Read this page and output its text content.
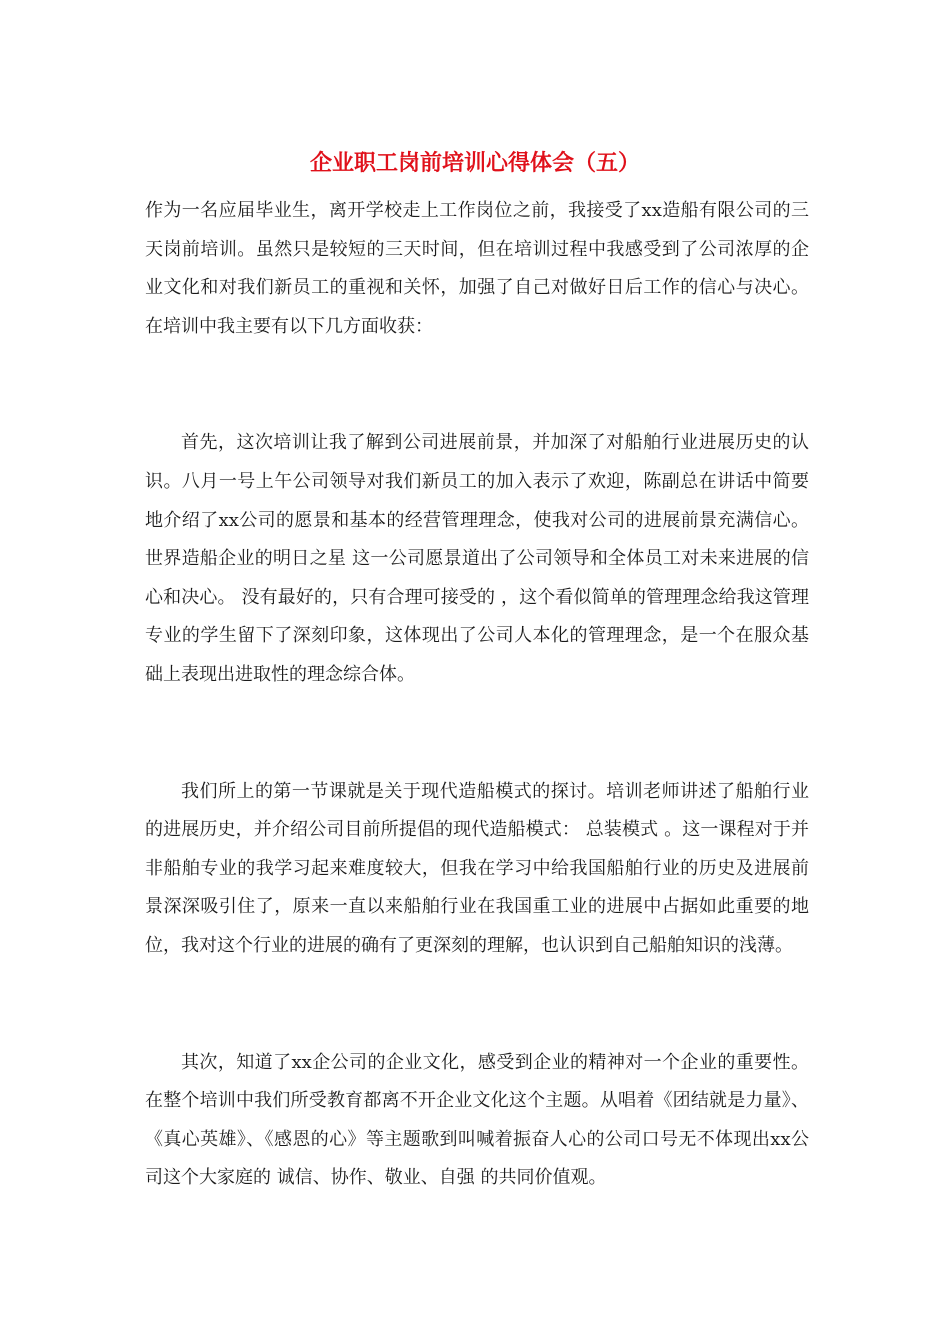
企业职工岗前培训心得体会（五）

作为一名应届毕业生，离开学校走上工作岗位之前，我接受了xx造船有限公司的三天岗前培训。虽然只是较短的三天时间，但在培训过程中我感受到了公司浓厚的企业文化和对我们新员工的重视和关怀，加强了自己对做好日后工作的信心与决心。在培训中我主要有以下几方面收获：

首先，这次培训让我了解到公司进展前景，并加深了对船舶行业进展历史的认识。八月一号上午公司领导对我们新员工的加入表示了欢迎，陈副总在讲话中简要地介绍了xx公司的愿景和基本的经营管理理念，使我对公司的进展前景充满信心。 世界造船企业的明日之星 这一公司愿景道出了公司领导和全体员工对未来进展的信心和决心。 没有最好的，只有合理可接受的 ，这个看似简单的管理理念给我这管理专业的学生留下了深刻印象，这体现出了公司人本化的管理理念，是一个在服众基础上表现出进取性的理念综合体。

我们所上的第一节课就是关于现代造船模式的探讨。培训老师讲述了船舶行业的进展历史，并介绍公司目前所提倡的现代造船模式： 总装模式 。这一课程对于并非船舶专业的我学习起来难度较大，但我在学习中给我国船舶行业的历史及进展前景深深吸引住了，原来一直以来船舶行业在我国重工业的进展中占据如此重要的地位，我对这个行业的进展的确有了更深刻的理解，也认识到自己船舶知识的浅薄。

其次，知道了xx企公司的企业文化，感受到企业的精神对一个企业的重要性。在整个培训中我们所受教育都离不开企业文化这个主题。从唱着《团结就是力量》、《真心英雄》、《感恩的心》等主题歌到叫喊着振奋人心的公司口号无不体现出xx公司这个大家庭的 诚信、协作、敬业、自强 的共同价值观。
